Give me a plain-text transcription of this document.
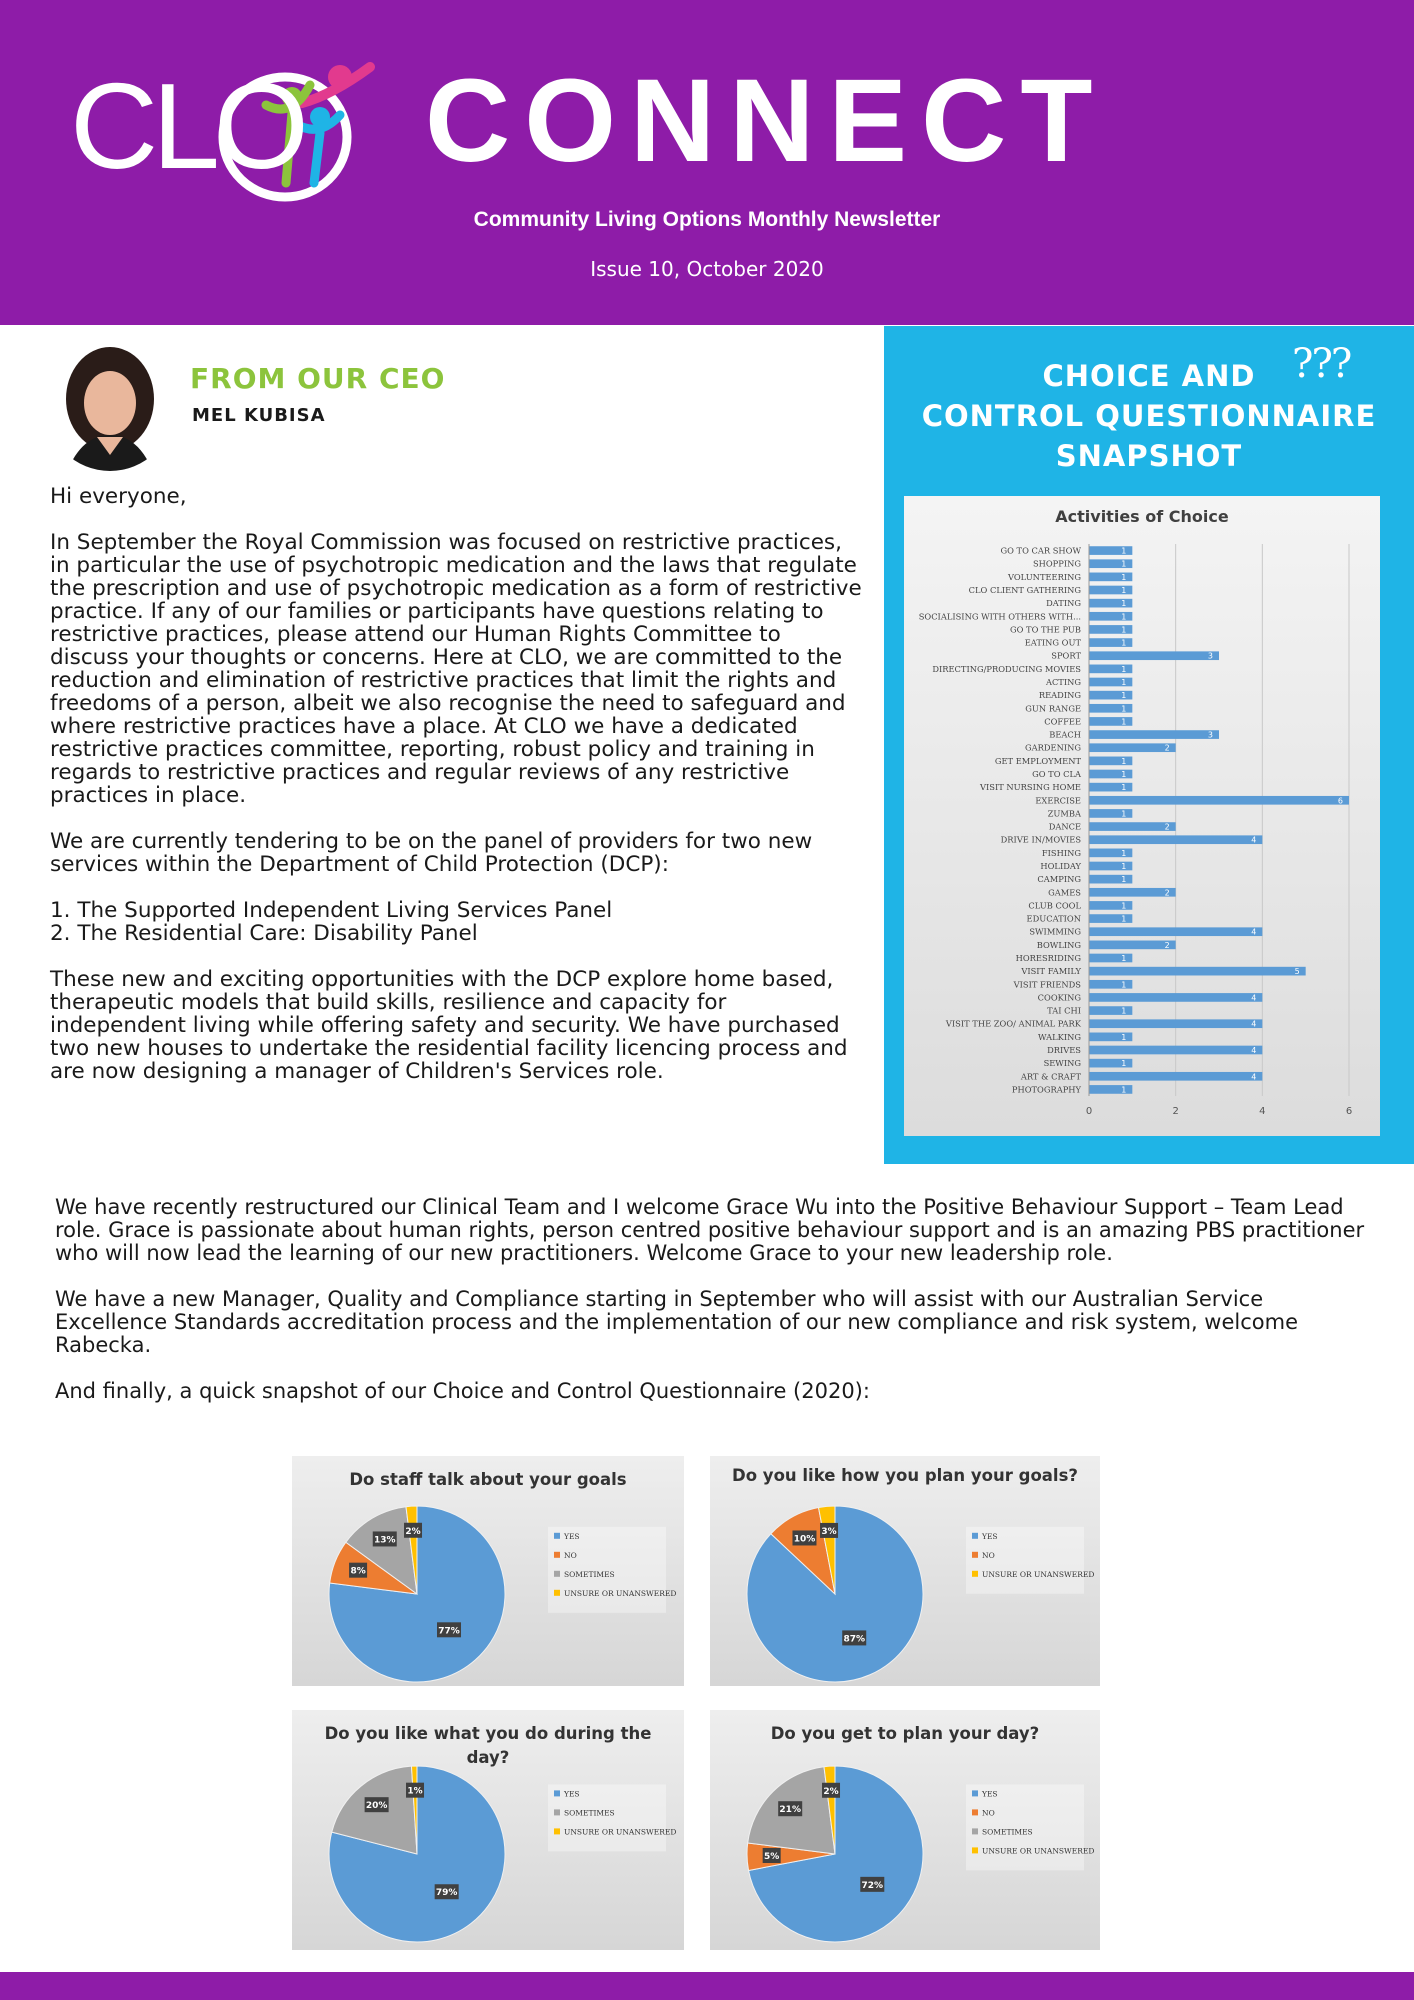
CLO CONNECT
Community Living Options Monthly Newsletter
Issue 10, October 2020
FROM OUR CEO
MEL KUBISA

Hi everyone,

In September the Royal Commission was focused on restrictive practices, in particular the use of psychotropic medication and the laws that regulate the prescription and use of psychotropic medication as a form of restrictive practice. If any of our families or participants have questions relating to restrictive practices, please attend our Human Rights Committee to discuss your thoughts or concerns. Here at CLO, we are committed to the reduction and elimination of restrictive practices that limit the rights and freedoms of a person, albeit we also recognise the need to safeguard and where restrictive practices have a place. At CLO we have a dedicated restrictive practices committee, reporting, robust policy and training in regards to restrictive practices and regular reviews of any restrictive practices in place.

We are currently tendering to be on the panel of providers for two new services within the Department of Child Protection (DCP):

1. The Supported Independent Living Services Panel

2. The Residential Care: Disability Panel

These new and exciting opportunities with the DCP explore home based, therapeutic models that build skills, resilience and capacity for independent living while offering safety and security. We have purchased two new houses to undertake the residential facility licencing process and are now designing a manager of Children's Services role.

We have recently restructured our Clinical Team and I welcome Grace Wu into the Positive Behaviour Support – Team Lead role. Grace is passionate about human rights, person centred positive behaviour support and is an amazing PBS practitioner who will now lead the learning of our new practitioners. Welcome Grace to your new leadership role.

We have a new Manager, Quality and Compliance starting in September who will assist with our Australian Service Excellence Standards accreditation process and the implementation of our new compliance and risk system, welcome Rabecka.

And finally, a quick snapshot of our Choice and Control Questionnaire (2020):

???
CHOICE AND
CONTROL QUESTIONNAIRE
SNAPSHOT
Activities of Choice
0	2	4	6
GO TO CAR SHOW	1
SHOPPING	1
VOLUNTEERING	1
CLO CLIENT GATHERING	1
DATING	1
SOCIALISING WITH OTHERS WITH...	1
GO TO THE PUB	1
EATING OUT	1
SPORT	3
DIRECTING/PRODUCING MOVIES	1
ACTING	1
READING	1
GUN RANGE	1
COFFEE	1
BEACH	3
GARDENING	2
GET EMPLOYMENT	1
GO TO CLA	1
VISIT NURSING HOME	1
EXERCISE	6
ZUMBA	1
DANCE	2
DRIVE IN/MOVIES	4
FISHING	1
HOLIDAY	1
CAMPING	1
GAMES	2
CLUB COOL	1
EDUCATION	1
SWIMMING	4
BOWLING	2
HORESRIDING	1
VISIT FAMILY	5
VISIT FRIENDS	1
COOKING	4
TAI CHI	1
VISIT THE ZOO/ ANIMAL PARK	4
WALKING	1
DRIVES	4
SEWING	1
ART & CRAFT	4
PHOTOGRAPHY	1
Do staff talk about your goals
77%
8%
13%
2%	YES
NO
SOMETIMES
UNSURE OR UNANSWERED
Do you like how you plan your goals?
87%
10%
3%	YES
NO
UNSURE OR UNANSWERED
Do you like what you do during the
day?
79%
20%
1%	YES
SOMETIMES
UNSURE OR UNANSWERED
Do you get to plan your day?
72%
5%
21%
2%	YES
NO
SOMETIMES
UNSURE OR UNANSWERED
